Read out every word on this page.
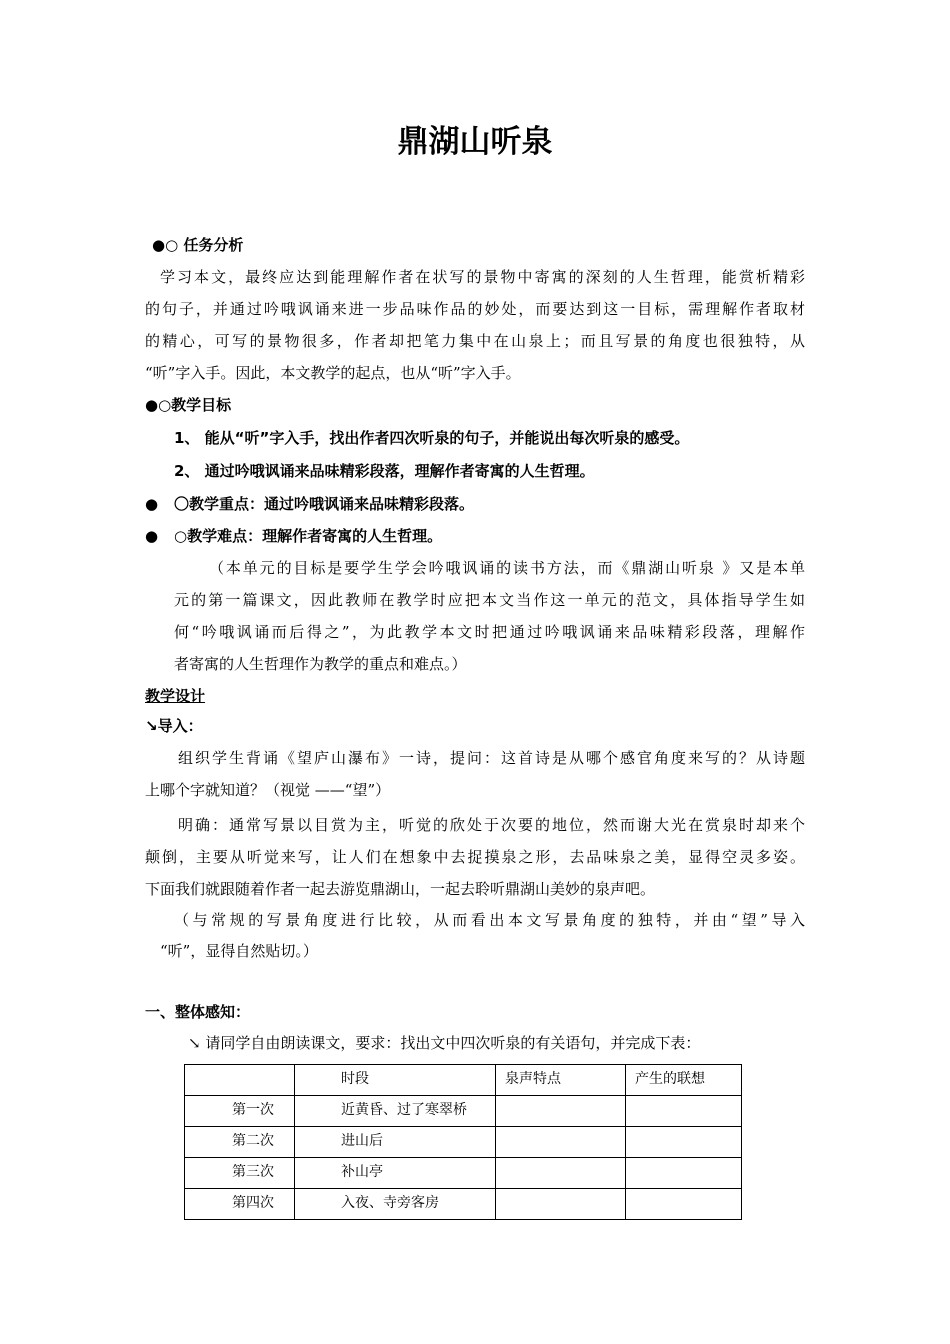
鼎湖山听泉
●○ 任务分析
学习本文，最终应达到能理解作者在状写的景物中寄寓的深刻的人生哲理，能赏析精彩
的句子，并通过吟哦讽诵来进一步品味作品的妙处，而要达到这一目标，需理解作者取材
的精心，可写的景物很多，作者却把笔力集中在山泉上；而且写景的角度也很独特，从
“听”字入手。因此，本文教学的起点，也从“听”字入手。
●○教学目标
1、 能从“听”字入手，找出作者四次听泉的句子，并能说出每次听泉的感受。
2、 通过吟哦讽诵来品味精彩段落，理解作者寄寓的人生哲理。
● 〇教学重点：通过吟哦讽诵来品味精彩段落。
● ○教学难点：理解作者寄寓的人生哲理。
（本单元的目标是要学生学会吟哦讽诵的读书方法，而《鼎湖山听泉 》又是本单
元的第一篇课文，因此教师在教学时应把本文当作这一单元的范文，具体指导学生如
何“吟哦讽诵而后得之”，为此教学本文时把通过吟哦讽诵来品味精彩段落，理解作
者寄寓的人生哲理作为教学的重点和难点。）
教学设计
↘导入：
组织学生背诵《望庐山瀑布》一诗，提问：这首诗是从哪个感官角度来写的？从诗题
上哪个字就知道？（视觉 ——“望”）
明确：通常写景以目赏为主，听觉的欣处于次要的地位，然而谢大光在赏泉时却来个
颠倒，主要从听觉来写，让人们在想象中去捉摸泉之形，去品味泉之美，显得空灵多姿。
下面我们就跟随着作者一起去游览鼎湖山，一起去聆听鼎湖山美妙的泉声吧。
（与常规的写景角度进行比较，从而看出本文写景角度的独特，并由“望”导入
“听”，显得自然贴切。）
一、整体感知：
↘ 请同学自由朗读课文，要求：找出文中四次听泉的有关语句，并完成下表：

	时段	泉声特点	产生的联想

第一次	近黄昏、过了寒翠桥		

第二次	进山后		

第三次	补山亭		

第四次	入夜、寺旁客房		
